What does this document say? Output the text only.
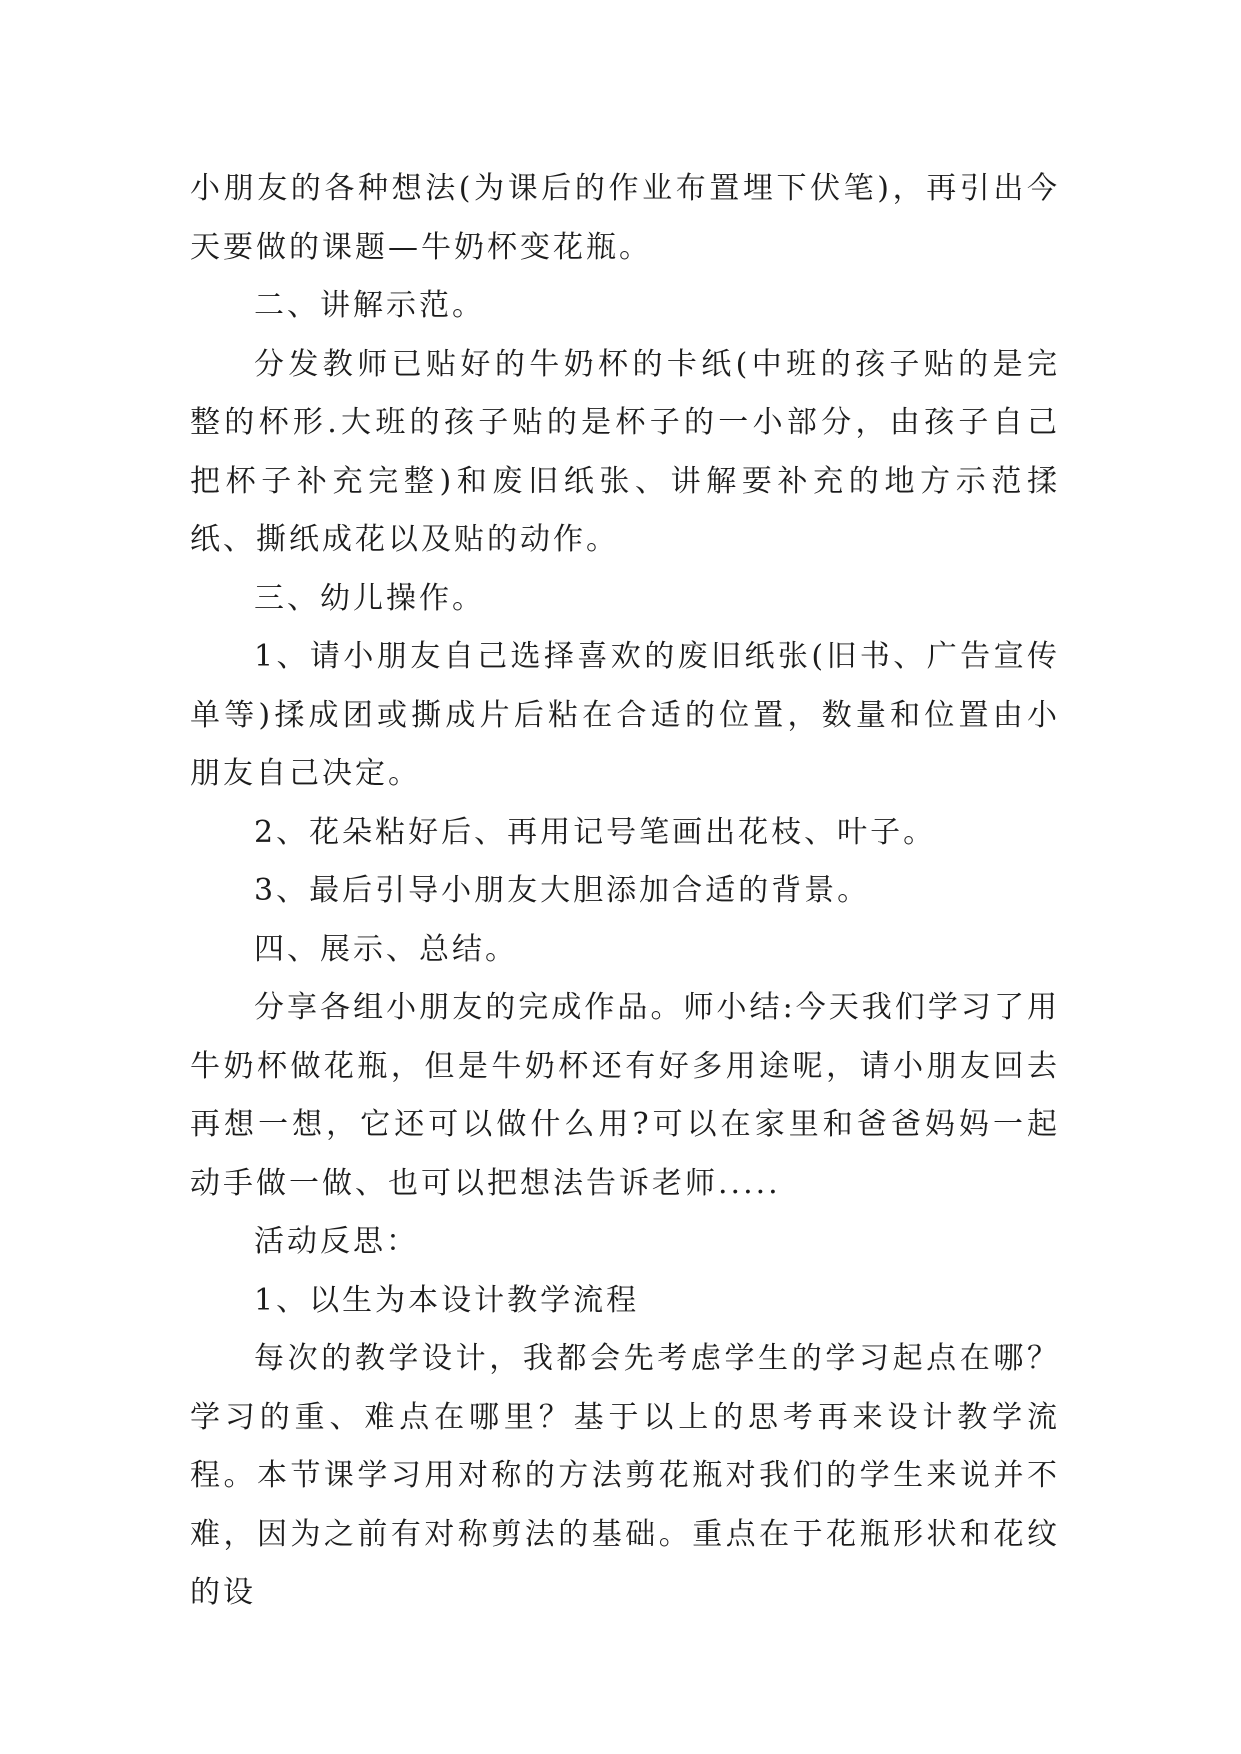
小朋友的各种想法(为课后的作业布置埋下伏笔)，再引出今天要做的课题—牛奶杯变花瓶。

二、讲解示范。

分发教师已贴好的牛奶杯的卡纸(中班的孩子贴的是完整的杯形.大班的孩子贴的是杯子的一小部分，由孩子自己把杯子补充完整)和废旧纸张、讲解要补充的地方示范揉纸、撕纸成花以及贴的动作。

三、幼儿操作。

1、请小朋友自己选择喜欢的废旧纸张(旧书、广告宣传单等)揉成团或撕成片后粘在合适的位置，数量和位置由小朋友自己决定。

2、花朵粘好后、再用记号笔画出花枝、叶子。

3、最后引导小朋友大胆添加合适的背景。

四、展示、总结。

分享各组小朋友的完成作品。师小结:今天我们学习了用牛奶杯做花瓶，但是牛奶杯还有好多用途呢，请小朋友回去再想一想，它还可以做什么用?可以在家里和爸爸妈妈一起动手做一做、也可以把想法告诉老师.....

活动反思：

1、以生为本设计教学流程

每次的教学设计，我都会先考虑学生的学习起点在哪？学习的重、难点在哪里？基于以上的思考再来设计教学流程。本节课学习用对称的方法剪花瓶对我们的学生来说并不难，因为之前有对称剪法的基础。重点在于花瓶形状和花纹的设
